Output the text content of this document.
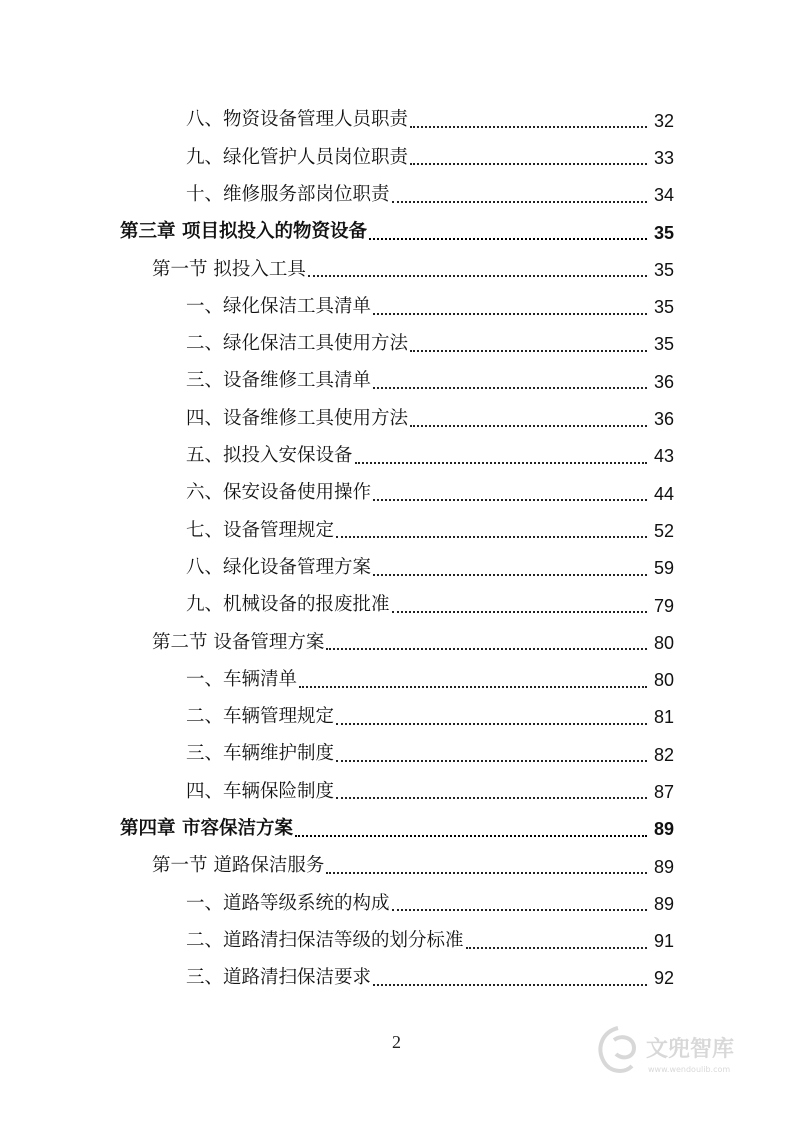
八、物资设备管理人员职责	32
九、绿化管护人员岗位职责	33
十、维修服务部岗位职责	34
第三章 项目拟投入的物资设备	35
第一节 拟投入工具	35
一、绿化保洁工具清单	35
二、绿化保洁工具使用方法	35
三、设备维修工具清单	36
四、设备维修工具使用方法	36
五、拟投入安保设备	43
六、保安设备使用操作	44
七、设备管理规定	52
八、绿化设备管理方案	59
九、机械设备的报废批准	79
第二节 设备管理方案	80
一、车辆清单	80
二、车辆管理规定	81
三、车辆维护制度	82
四、车辆保险制度	87
第四章 市容保洁方案	89
第一节 道路保洁服务	89
一、道路等级系统的构成	89
二、道路清扫保洁等级的划分标准	91
三、道路清扫保洁要求	92
2	文兜智库
www.wendoulib.com
